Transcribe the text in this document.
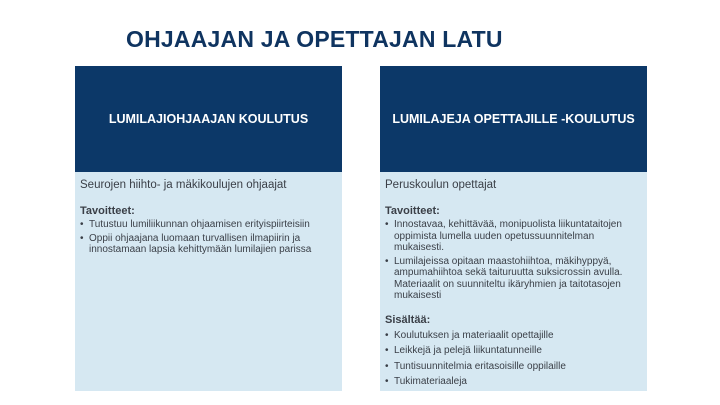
OHJAAJAN JA OPETTAJAN LATU
LUMILAJIOHJAAJAN KOULUTUS
Seurojen hiihto- ja mäkikoulujen ohjaajat
Tavoitteet:
• Tutustuu lumiliikunnan ohjaamisen erityispiirteisiin
• Oppii ohjaajana luomaan turvallisen ilmapiirin ja innostamaan lapsia kehittymään lumilajien parissa
LUMILAJEJA OPETTAJILLE -KOULUTUS
Peruskoulun opettajat
Tavoitteet:
• Innostavaa, kehittävää, monipuolista liikuntataitojen oppimista lumella uuden opetussuunnitelman mukaisesti.
• Lumilajeissa opitaan maastohiihtoa, mäkihyppyä, ampumahiihtoa sekä taituruutta suksicrossin avulla. Materiaalit on suunniteltu ikäryhmien ja taitotasojen mukaisesti
Sisältää:
• Koulutuksen ja materiaalit opettajille
• Leikkejä ja pelejä liikuntatunneille
• Tuntisuunnitelmia eritasoisille oppilaille
• Tukimateriaaleja
